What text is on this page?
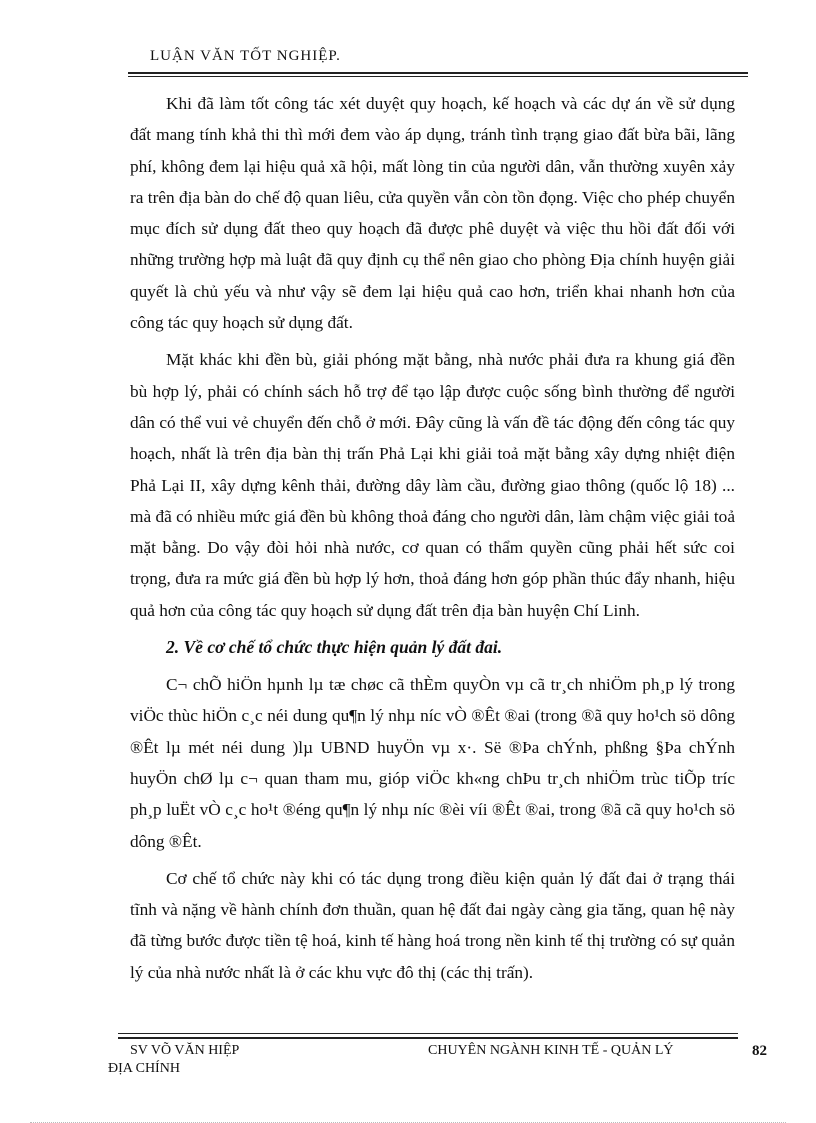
LUẬN VĂN TỐT NGHIỆP.

Khi đã làm tốt công tác xét duyệt quy hoạch, kế hoạch và các dự án về sử dụng đất mang tính khả thi thì mới đem vào áp dụng, tránh tình trạng giao đất bừa bãi, lãng phí, không đem lại hiệu quả xã hội, mất lòng tin của người dân, vẫn thường xuyên xảy ra trên địa bàn do chế độ quan liêu, cửa quyền vẫn còn tồn đọng. Việc cho phép chuyển mục đích sử dụng đất theo quy hoạch đã được phê duyệt và việc thu hồi đất đối với những trường hợp mà luật đã quy định cụ thể nên giao cho phòng Địa chính huyện giải quyết là chủ yếu và như vậy sẽ đem lại hiệu quả cao hơn, triển khai nhanh hơn của công tác quy hoạch sử dụng đất.

Mặt khác khi đền bù, giải phóng mặt bằng, nhà nước phải đưa ra khung giá đền bù hợp lý, phải có chính sách hỗ trợ để tạo lập được cuộc sống bình thường để người dân có thể vui vẻ chuyển đến chỗ ở mới. Đây cũng là vấn đề tác động đến công tác quy hoạch, nhất là trên địa bàn thị trấn Phả Lại khi giải toả mặt bằng xây dựng nhiệt điện Phả Lại II, xây dựng kênh thải, đường dây làm cầu, đường giao thông (quốc lộ 18) ... mà đã có nhiều mức giá đền bù không thoả đáng cho người dân, làm chậm việc giải toả mặt bằng. Do vậy đòi hỏi nhà nước, cơ quan có thẩm quyền cũng phải hết sức coi trọng, đưa ra mức giá đền bù hợp lý hơn, thoả đáng hơn góp phần thúc đẩy nhanh, hiệu quả hơn của công tác quy hoạch sử dụng đất trên địa bàn huyện Chí Linh.

2. Về cơ chế tổ chức thực hiện quản lý đất đai.

C¬ chÕ hiÖn hµnh lµ tæ chøc cã thÈm quyÒn vµ cã tr¸ch nhiÖm ph¸p lý trong viÖc thùc hiÖn c¸c néi dung qu¶n lý nhµ níc vÒ ®Êt ®ai (trong ®ã quy ho¹ch sö dông ®Êt lµ mét néi dung )lµ UBND huyÖn vµ x·. Së ®Þa chÝnh, phßng §Þa chÝnh huyÖn chØ lµ c¬ quan tham mu, gióp viÖc kh«ng chÞu tr¸ch nhiÖm trùc tiÕp tríc ph¸p luËt vÒ c¸c ho¹t ®éng qu¶n lý nhµ níc ®èi víi ®Êt ®ai, trong ®ã cã quy ho¹ch sö dông ®Êt.

Cơ chế tổ chức này khi có tác dụng trong điều kiện quản lý đất đai ở trạng thái tĩnh và nặng về hành chính đơn thuần, quan hệ đất đai ngày càng gia tăng, quan hệ này đã từng bước được tiền tệ hoá, kinh tế hàng hoá trong nền kinh tế thị trường có sự quản lý của nhà nước nhất là ở các khu vực đô thị (các thị trấn).

SV VÕ VĂN HIỆP
ĐỊA CHÍNH
CHUYÊN NGÀNH KINH TẾ - QUẢN LÝ	82
